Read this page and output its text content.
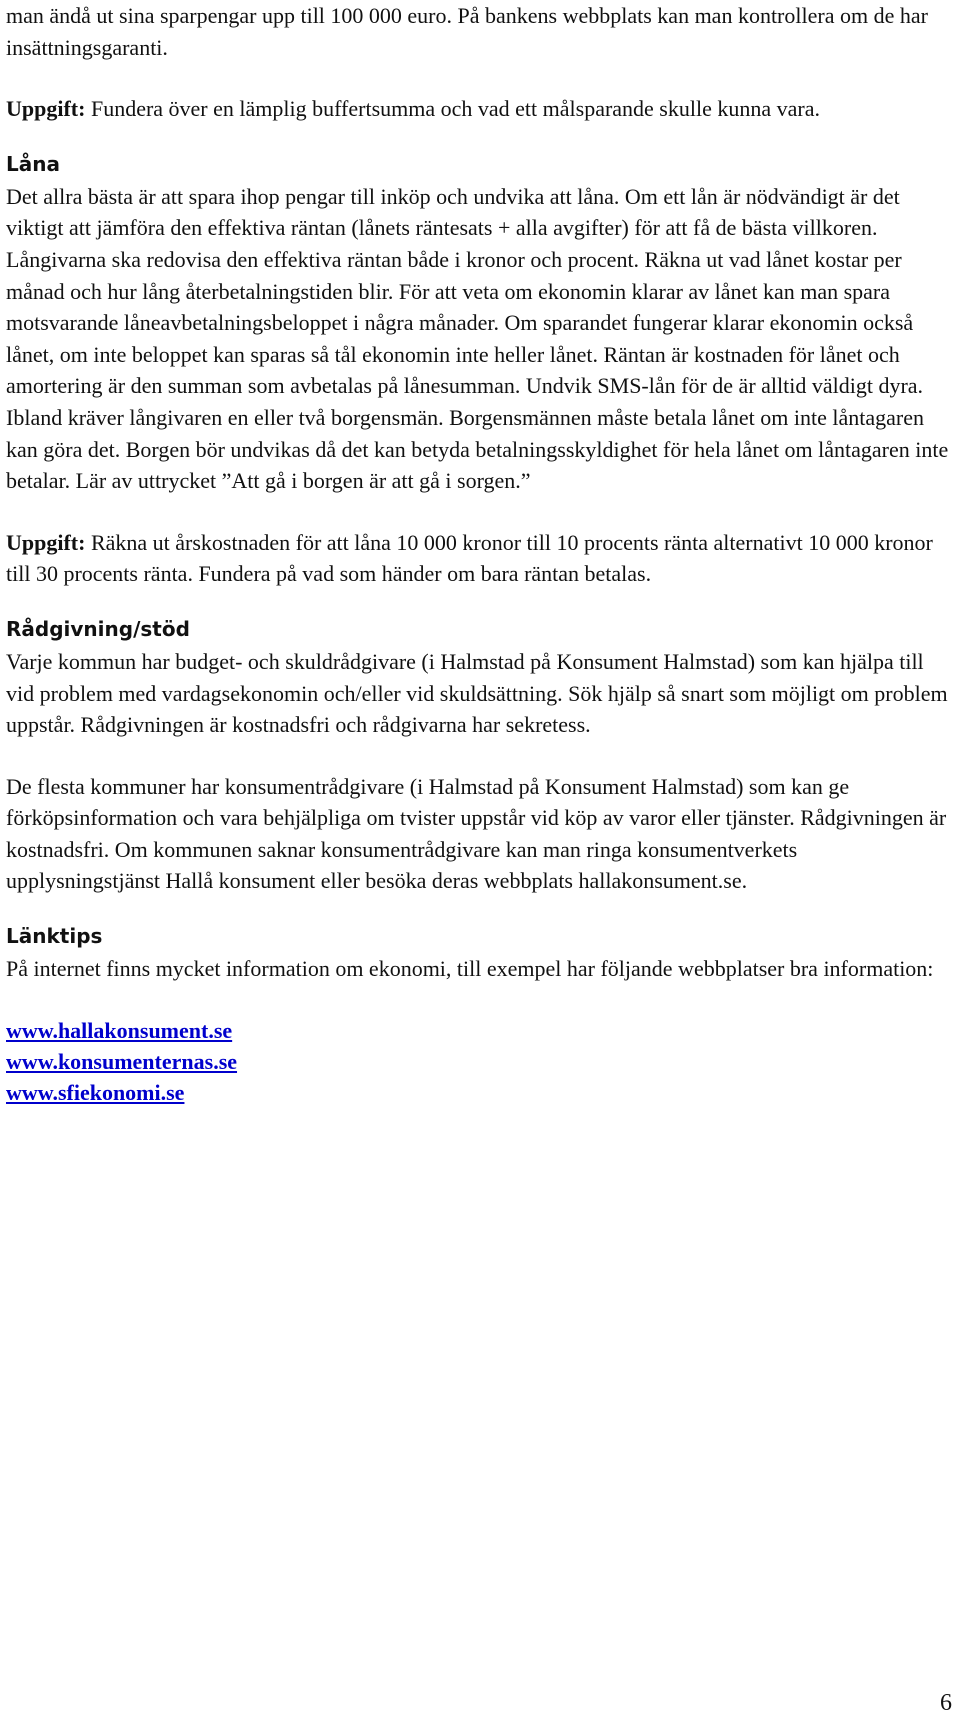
man ändå ut sina sparpengar upp till 100 000 euro. På bankens webbplats kan man kontrollera om de har insättningsgaranti.

Uppgift: Fundera över en lämplig buffertsumma och vad ett målsparande skulle kunna vara.

Låna

Det allra bästa är att spara ihop pengar till inköp och undvika att låna. Om ett lån är nödvändigt är det viktigt att jämföra den effektiva räntan (lånets räntesats + alla avgifter) för att få de bästa villkoren. Långivarna ska redovisa den effektiva räntan både i kronor och procent. Räkna ut vad lånet kostar per månad och hur lång återbetalningstiden blir. För att veta om ekonomin klarar av lånet kan man spara motsvarande låneavbetalningsbeloppet i några månader. Om sparandet fungerar klarar ekonomin också lånet, om inte beloppet kan sparas så tål ekonomin inte heller lånet. Räntan är kostnaden för lånet och amortering är den summan som avbetalas på lånesumman. Undvik SMS-lån för de är alltid väldigt dyra. Ibland kräver långivaren en eller två borgensmän. Borgensmännen måste betala lånet om inte låntagaren kan göra det. Borgen bör undvikas då det kan betyda betalningsskyldighet för hela lånet om låntagaren inte betalar. Lär av uttrycket ”Att gå i borgen är att gå i sorgen.”

Uppgift: Räkna ut årskostnaden för att låna 10 000 kronor till 10 procents ränta alternativt 10 000 kronor till 30 procents ränta. Fundera på vad som händer om bara räntan betalas.

Rådgivning/stöd

Varje kommun har budget- och skuldrådgivare (i Halmstad på Konsument Halmstad) som kan hjälpa till vid problem med vardagsekonomin och/eller vid skuldsättning. Sök hjälp så snart som möjligt om problem uppstår. Rådgivningen är kostnadsfri och rådgivarna har sekretess.

De flesta kommuner har konsumentrådgivare (i Halmstad på Konsument Halmstad) som kan ge förköpsinformation och vara behjälpliga om tvister uppstår vid köp av varor eller tjänster. Rådgivningen är kostnadsfri. Om kommunen saknar konsumentrådgivare kan man ringa konsumentverkets upplysningstjänst Hallå konsument eller besöka deras webbplats hallakonsument.se.

Länktips

På internet finns mycket information om ekonomi, till exempel har följande webbplatser bra information:

www.hallakonsument.se
www.konsumenternas.se
www.sfiekonomi.se
6
